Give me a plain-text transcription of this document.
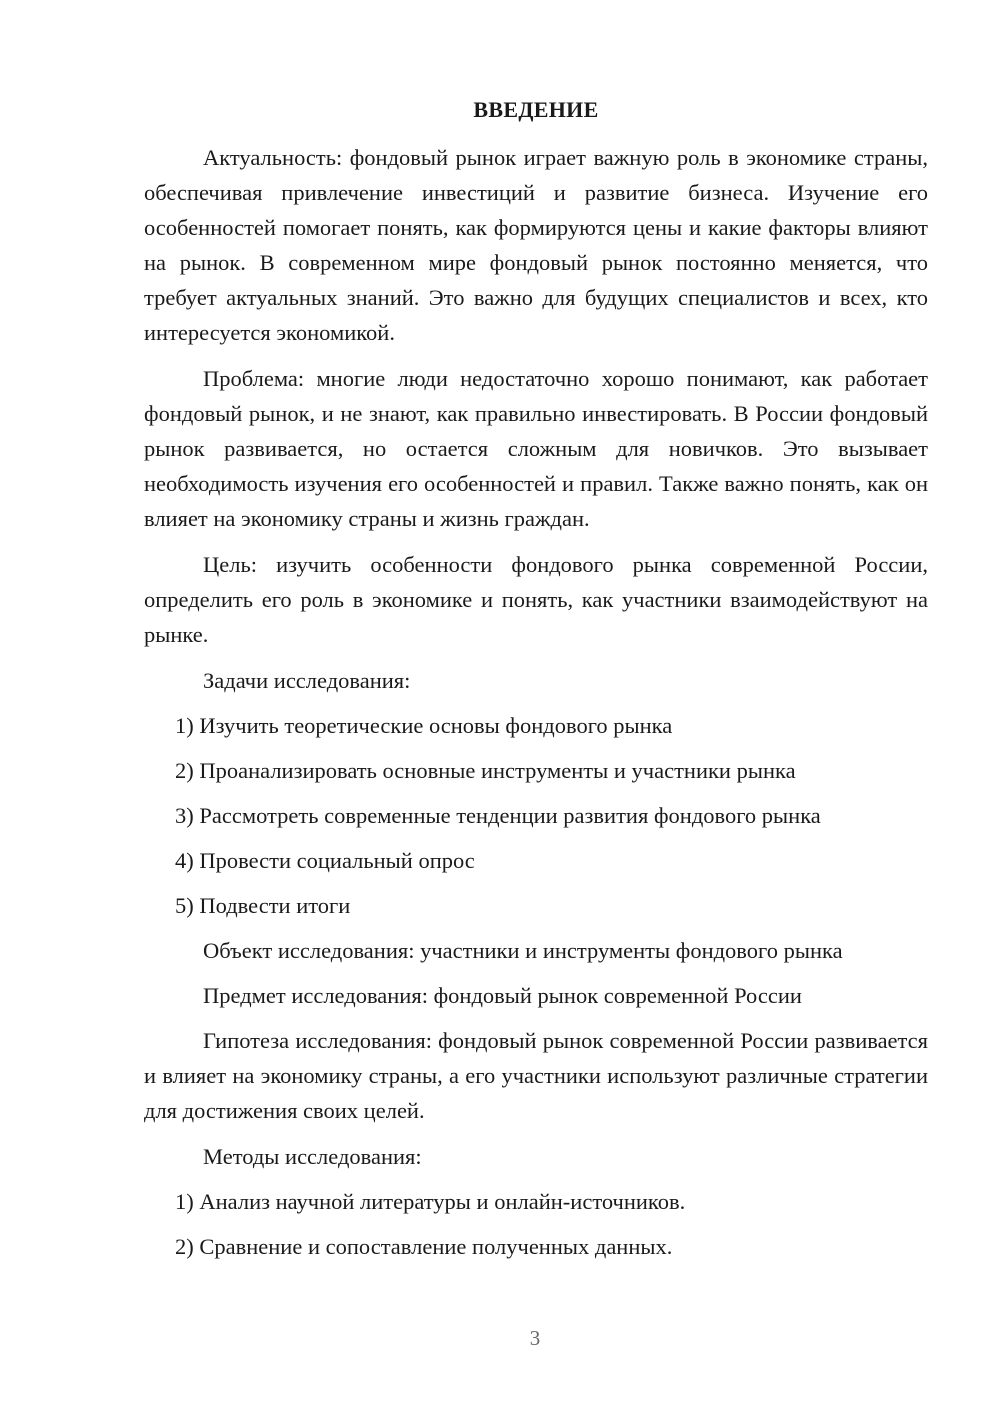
ВВЕДЕНИЕ

Актуальность: фондовый рынок играет важную роль в экономике страны, обеспечивая привлечение инвестиций и развитие бизнеса. Изучение его особенностей помогает понять, как формируются цены и какие факторы влияют на рынок. В современном мире фондовый рынок постоянно меняется, что требует актуальных знаний. Это важно для будущих специалистов и всех, кто интересуется экономикой.

Проблема: многие люди недостаточно хорошо понимают, как работает фондовый рынок, и не знают, как правильно инвестировать. В России фондовый рынок развивается, но остается сложным для новичков. Это вызывает необходимость изучения его особенностей и правил. Также важно понять, как он влияет на экономику страны и жизнь граждан.

Цель: изучить особенности фондового рынка современной России, определить его роль в экономике и понять, как участники взаимодействуют на рынке.

Задачи исследования:
1) Изучить теоретические основы фондового рынка
2) Проанализировать основные инструменты и участники рынка
3) Рассмотреть современные тенденции развития фондового рынка
4) Провести социальный опрос
5) Подвести итоги
Объект исследования: участники и инструменты фондового рынка
Предмет исследования: фондовый рынок современной России

Гипотеза исследования: фондовый рынок современной России развивается и влияет на экономику страны, а его участники используют различные стратегии для достижения своих целей.

Методы исследования:
1) Анализ научной литературы и онлайн-источников.
2) Сравнение и сопоставление полученных данных.
3
